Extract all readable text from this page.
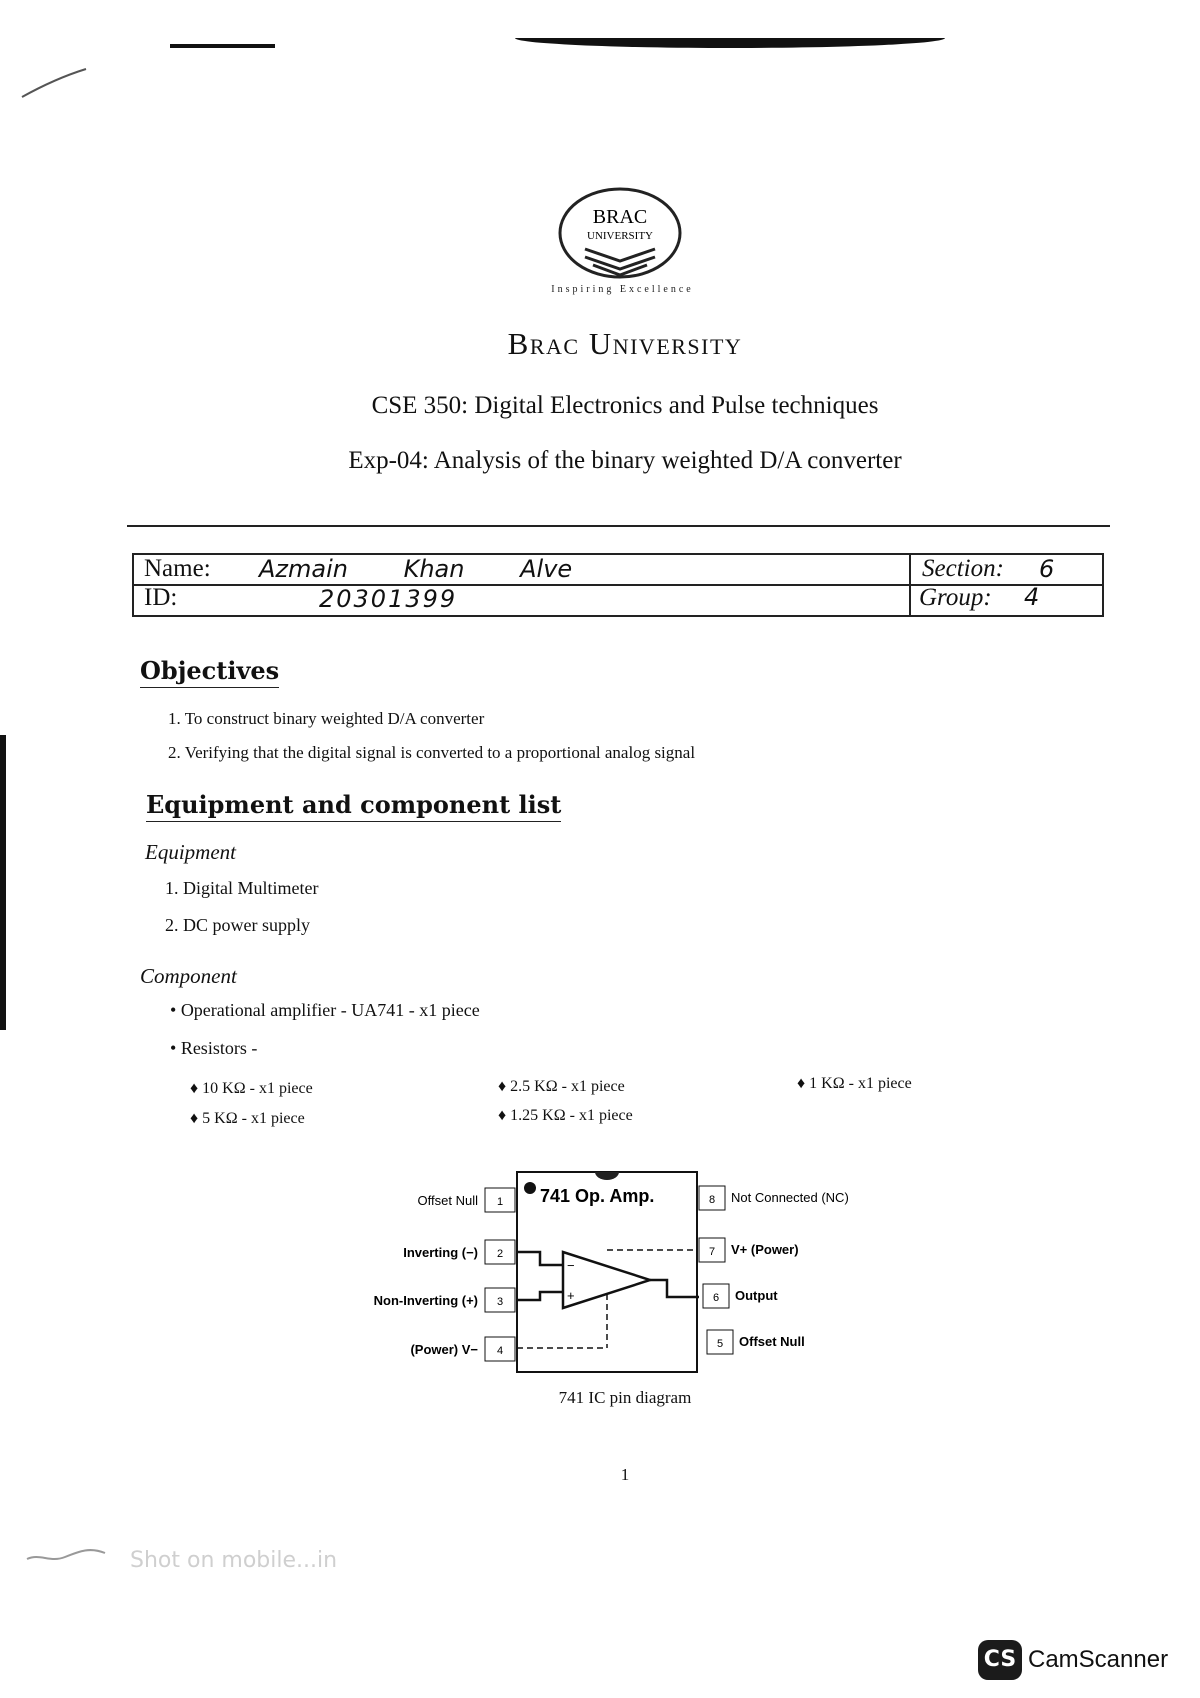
BRAC
UNIVERSITY
Inspiring Excellence
Brac University
CSE 350: Digital Electronics and Pulse techniques
Exp-04: Analysis of the binary weighted D/A converter
Name: Azmain Khan Alve
ID:	20301399
Section: 6
Group: 4
Objectives
1. To construct binary weighted D/A converter
2. Verifying that the digital signal is converted to a proportional analog signal
Equipment and component list
Equipment
1. Digital Multimeter
2. DC power supply
Component
• Operational amplifier - UA741 - x1 piece
• Resistors -
♦ 10 KΩ - x1 piece
♦ 5 KΩ - x1 piece
♦ 2.5 KΩ - x1 piece
♦ 1.25 KΩ - x1 piece
♦ 1 KΩ - x1 piece
741 Op. Amp.
1
2
3
4
Offset Null
Inverting (−)
Non-Inverting (+)
(Power) V−
8
7
6
5
Not Connected (NC)
V+ (Power)
Output
Offset Null
−
+
741 IC pin diagram
1
Shot on mobile...in
CS CamScanner
